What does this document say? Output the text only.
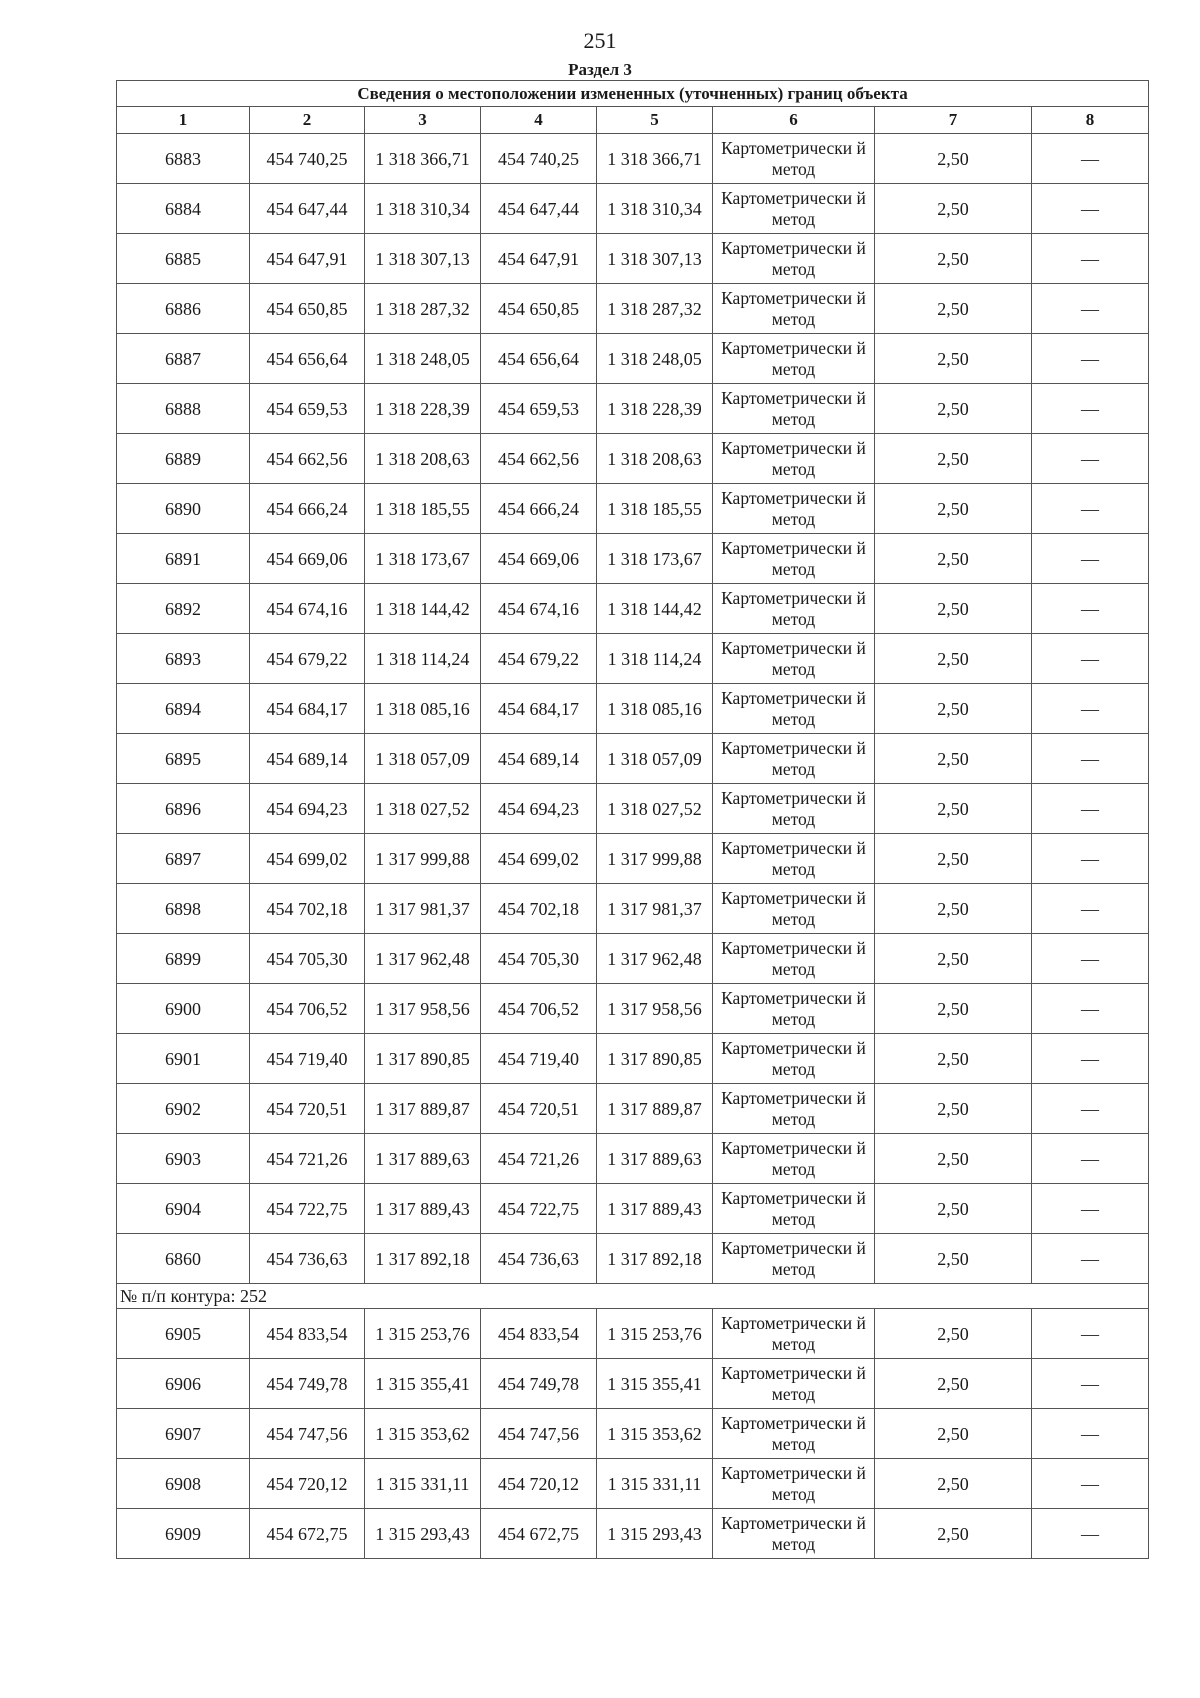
251
Раздел 3
Сведения о местоположении измененных (уточненных) границ объекта							
1	2	3	4	5	6	7	8
6883	454 740,25	1 318 366,71	454 740,25	1 318 366,71	Картометрически й метод	2,50	—
6884	454 647,44	1 318 310,34	454 647,44	1 318 310,34	Картометрически й метод	2,50	—
6885	454 647,91	1 318 307,13	454 647,91	1 318 307,13	Картометрически й метод	2,50	—
6886	454 650,85	1 318 287,32	454 650,85	1 318 287,32	Картометрически й метод	2,50	—
6887	454 656,64	1 318 248,05	454 656,64	1 318 248,05	Картометрически й метод	2,50	—
6888	454 659,53	1 318 228,39	454 659,53	1 318 228,39	Картометрически й метод	2,50	—
6889	454 662,56	1 318 208,63	454 662,56	1 318 208,63	Картометрически й метод	2,50	—
6890	454 666,24	1 318 185,55	454 666,24	1 318 185,55	Картометрически й метод	2,50	—
6891	454 669,06	1 318 173,67	454 669,06	1 318 173,67	Картометрически й метод	2,50	—
6892	454 674,16	1 318 144,42	454 674,16	1 318 144,42	Картометрически й метод	2,50	—
6893	454 679,22	1 318 114,24	454 679,22	1 318 114,24	Картометрически й метод	2,50	—
6894	454 684,17	1 318 085,16	454 684,17	1 318 085,16	Картометрически й метод	2,50	—
6895	454 689,14	1 318 057,09	454 689,14	1 318 057,09	Картометрически й метод	2,50	—
6896	454 694,23	1 318 027,52	454 694,23	1 318 027,52	Картометрически й метод	2,50	—
6897	454 699,02	1 317 999,88	454 699,02	1 317 999,88	Картометрически й метод	2,50	—
6898	454 702,18	1 317 981,37	454 702,18	1 317 981,37	Картометрически й метод	2,50	—
6899	454 705,30	1 317 962,48	454 705,30	1 317 962,48	Картометрически й метод	2,50	—
6900	454 706,52	1 317 958,56	454 706,52	1 317 958,56	Картометрически й метод	2,50	—
6901	454 719,40	1 317 890,85	454 719,40	1 317 890,85	Картометрически й метод	2,50	—
6902	454 720,51	1 317 889,87	454 720,51	1 317 889,87	Картометрически й метод	2,50	—
6903	454 721,26	1 317 889,63	454 721,26	1 317 889,63	Картометрически й метод	2,50	—
6904	454 722,75	1 317 889,43	454 722,75	1 317 889,43	Картометрически й метод	2,50	—
6860	454 736,63	1 317 892,18	454 736,63	1 317 892,18	Картометрически й метод	2,50	—
№ п/п контура: 252							
6905	454 833,54	1 315 253,76	454 833,54	1 315 253,76	Картометрически й метод	2,50	—
6906	454 749,78	1 315 355,41	454 749,78	1 315 355,41	Картометрически й метод	2,50	—
6907	454 747,56	1 315 353,62	454 747,56	1 315 353,62	Картометрически й метод	2,50	—
6908	454 720,12	1 315 331,11	454 720,12	1 315 331,11	Картометрически й метод	2,50	—
6909	454 672,75	1 315 293,43	454 672,75	1 315 293,43	Картометрически й метод	2,50	—
